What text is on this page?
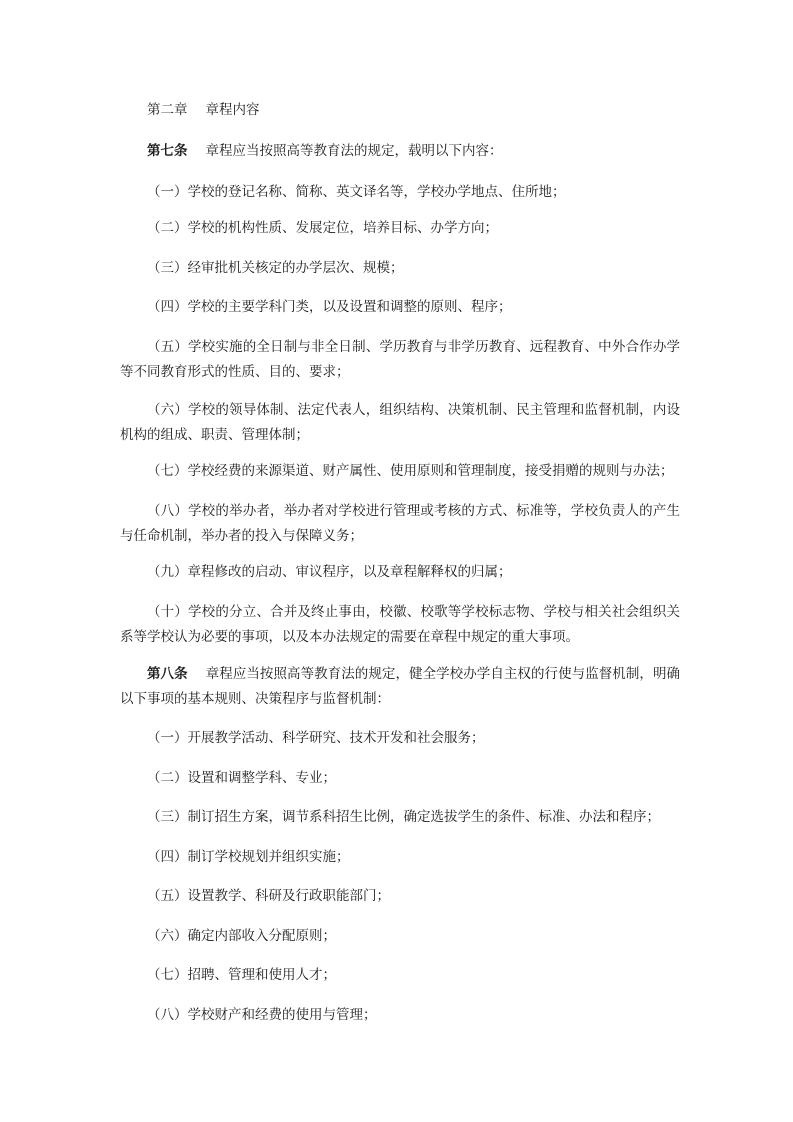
第二章 章程内容

第七条 章程应当按照高等教育法的规定，载明以下内容：

（一）学校的登记名称、简称、英文译名等，学校办学地点、住所地；

（二）学校的机构性质、发展定位，培养目标、办学方向；

（三）经审批机关核定的办学层次、规模；

（四）学校的主要学科门类，以及设置和调整的原则、程序；

（五）学校实施的全日制与非全日制、学历教育与非学历教育、远程教育、中外合作办学等不同教育形式的性质、目的、要求；

（六）学校的领导体制、法定代表人，组织结构、决策机制、民主管理和监督机制，内设机构的组成、职责、管理体制；

（七）学校经费的来源渠道、财产属性、使用原则和管理制度，接受捐赠的规则与办法；

（八）学校的举办者，举办者对学校进行管理或考核的方式、标准等，学校负责人的产生与任命机制，举办者的投入与保障义务；

（九）章程修改的启动、审议程序，以及章程解释权的归属；

（十）学校的分立、合并及终止事由，校徽、校歌等学校标志物、学校与相关社会组织关系等学校认为必要的事项，以及本办法规定的需要在章程中规定的重大事项。

第八条 章程应当按照高等教育法的规定，健全学校办学自主权的行使与监督机制，明确以下事项的基本规则、决策程序与监督机制：

（一）开展教学活动、科学研究、技术开发和社会服务；

（二）设置和调整学科、专业；

（三）制订招生方案，调节系科招生比例，确定选拔学生的条件、标准、办法和程序；

（四）制订学校规划并组织实施；

（五）设置教学、科研及行政职能部门；

（六）确定内部收入分配原则；

（七）招聘、管理和使用人才；

（八）学校财产和经费的使用与管理；
